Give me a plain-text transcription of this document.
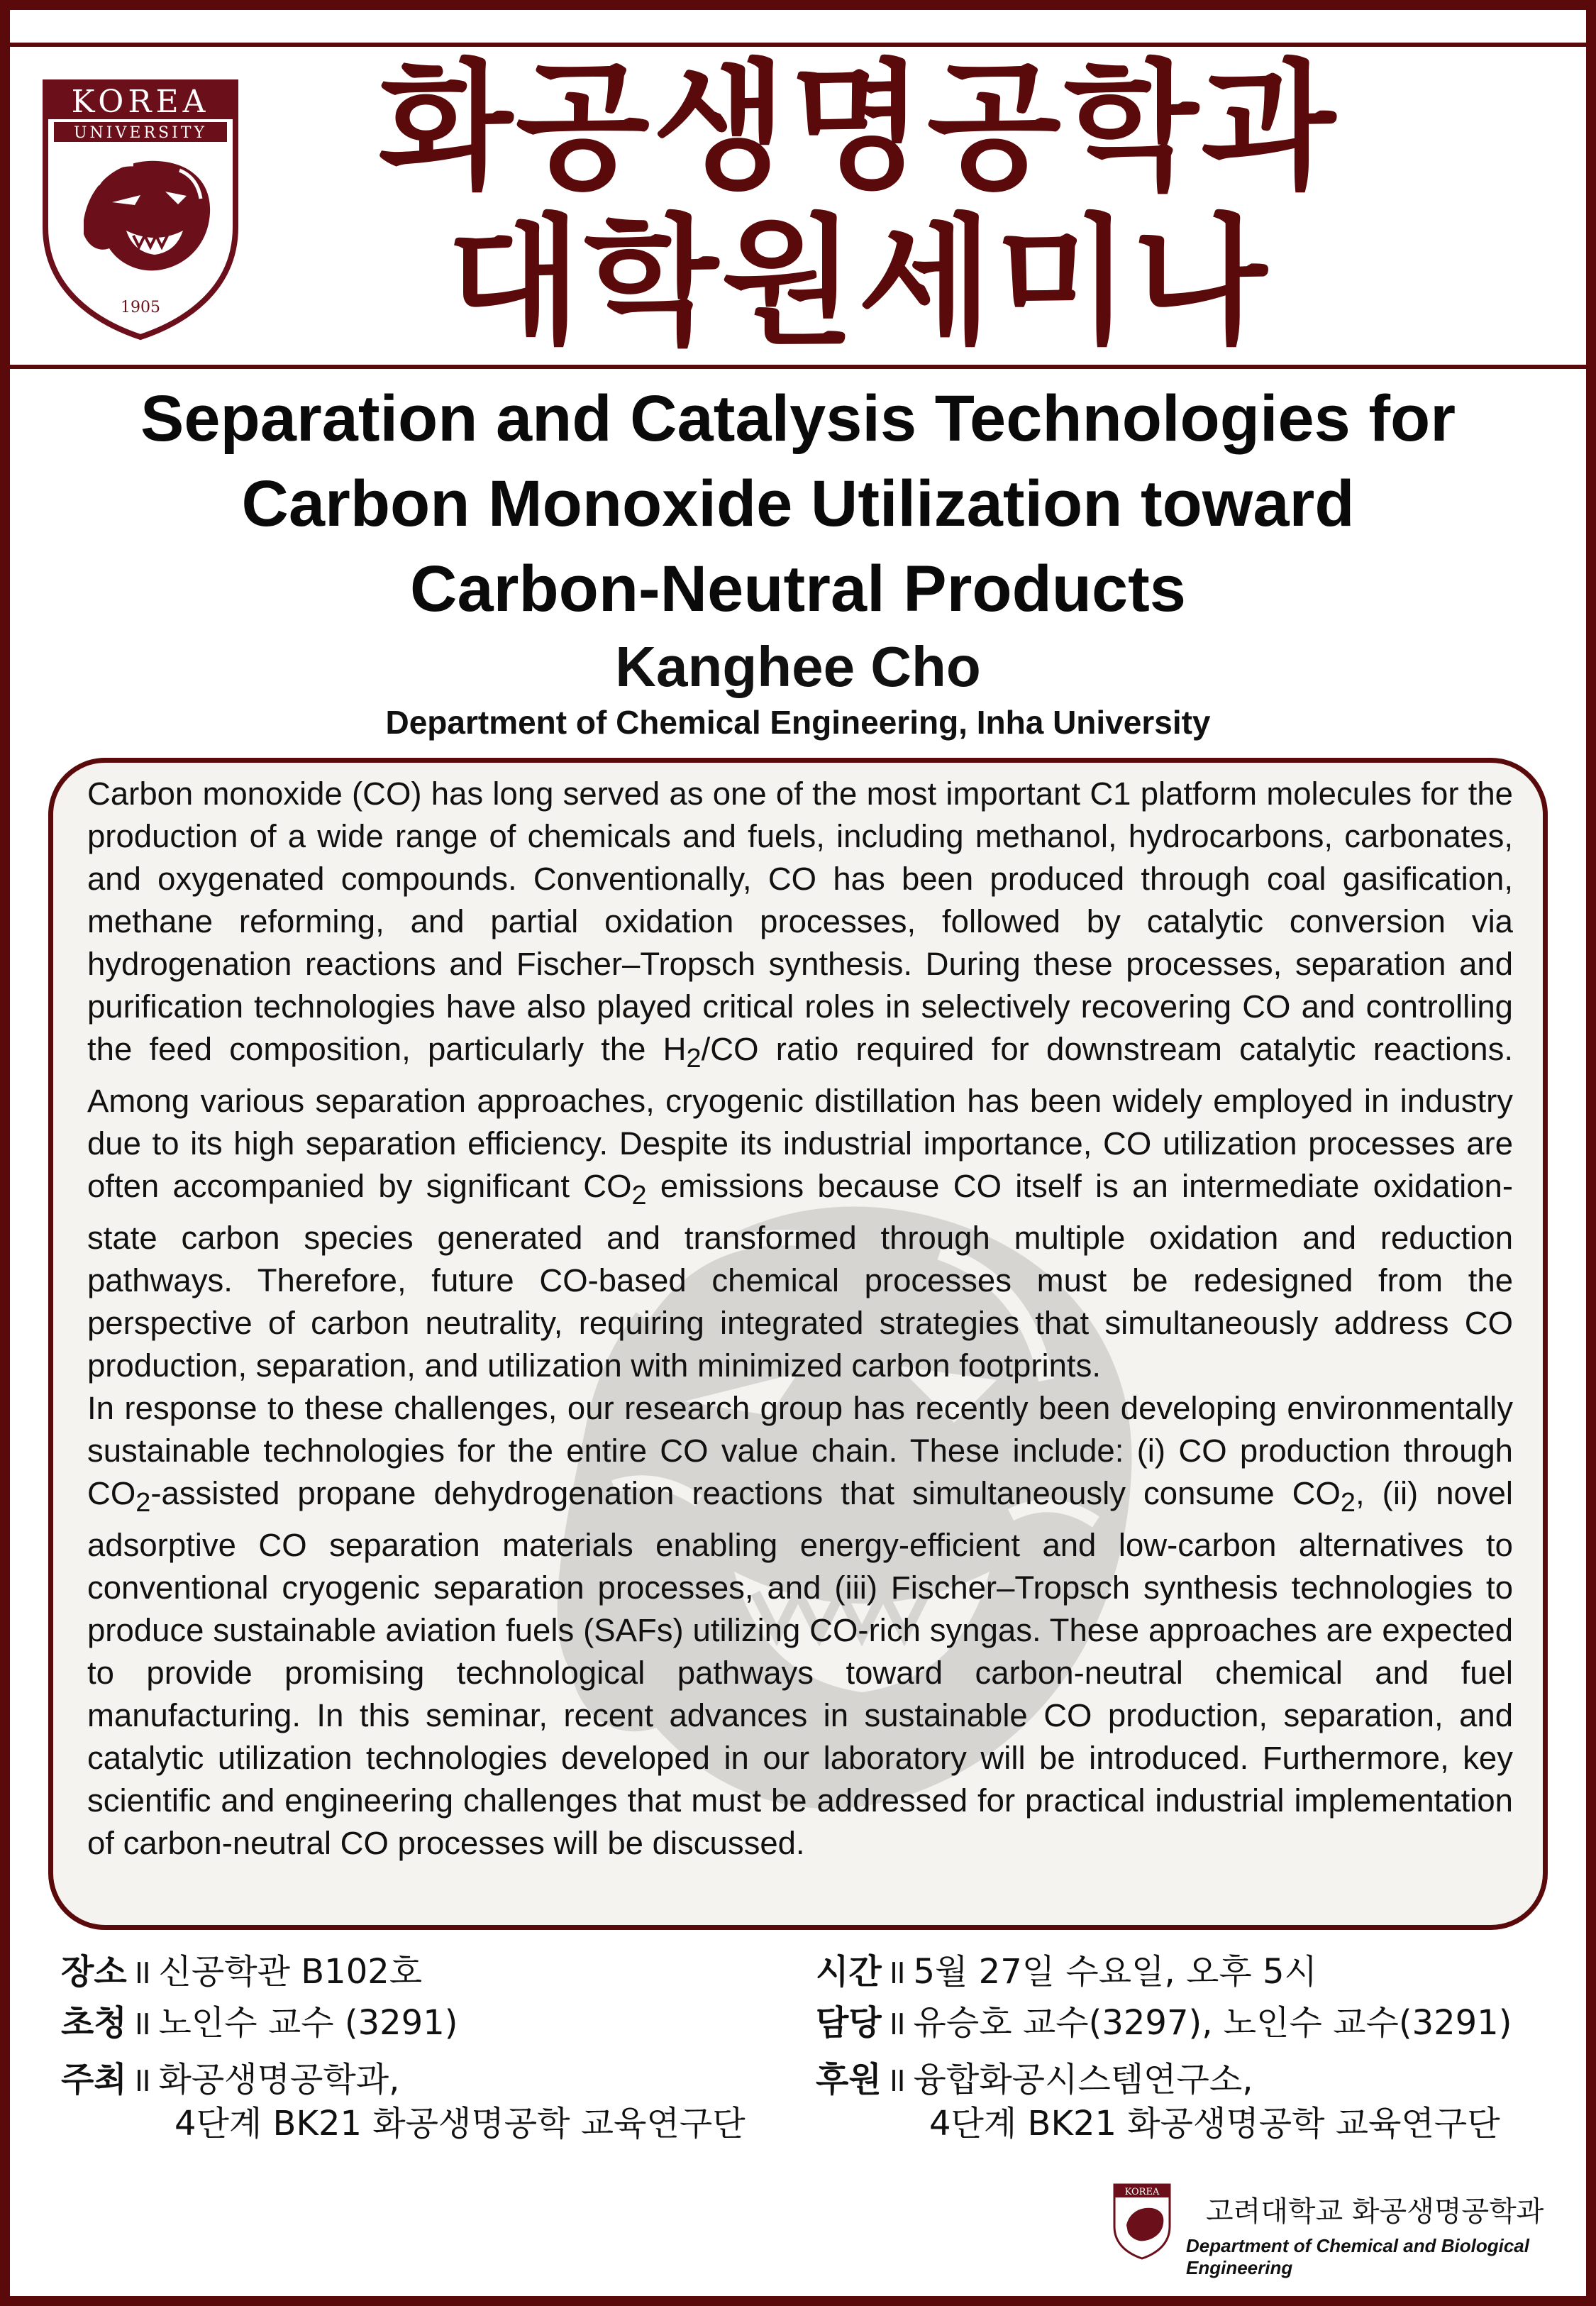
KOREA
UNIVERSITY
1905
화공생명공학과
대학원세미나
Separation and Catalysis Technologies for
Carbon Monoxide Utilization toward
Carbon-Neutral Products
Kanghee Cho
Department of Chemical Engineering, Inha University

Carbon monoxide (CO) has long served as one of the most important C1 platform molecules for the production of a wide range of chemicals and fuels, including methanol, hydrocarbons, carbonates, and oxygenated compounds. Conventionally, CO has been produced through coal gasification, methane reforming, and partial oxidation processes, followed by catalytic conversion via hydrogenation reactions and Fischer–Tropsch synthesis. During these processes, separation and purification technologies have also played critical roles in selectively recovering CO and controlling the feed composition, particularly the $H_2/CO$ ratio required for downstream catalytic reactions. Among various separation approaches, cryogenic distillation has been widely employed in industry due to its high separation efficiency. Despite its industrial importance, CO utilization processes are often accompanied by significant $CO_2$ emissions because CO itself is an intermediate oxidation-state carbon species generated and transformed through multiple oxidation and reduction pathways. Therefore, future CO-based chemical processes must be redesigned from the perspective of carbon neutrality, requiring integrated strategies that simultaneously address CO production, separation, and utilization with minimized carbon footprints.

In response to these challenges, our research group has recently been developing environmentally sustainable technologies for the entire CO value chain. These include: (i) CO production through $CO_2$-assisted propane dehydrogenation reactions that simultaneously consume $CO_2$, (ii) novel adsorptive CO separation materials enabling energy-efficient and low-carbon alternatives to conventional cryogenic separation processes, and (iii) Fischer–Tropsch synthesis technologies to produce sustainable aviation fuels (SAFs) utilizing CO-rich syngas. These approaches are expected to provide promising technological pathways toward carbon-neutral chemical and fuel manufacturing. In this seminar, recent advances in sustainable CO production, separation, and catalytic utilization technologies developed in our laboratory will be introduced. Furthermore, key scientific and engineering challenges that must be addressed for practical industrial implementation of carbon-neutral CO processes will be discussed.

장소 ॥ 신공학관 B102호	시간 ॥ 5월 27일 수요일, 오후 5시
초청 ॥ 노인수 교수 (3291)	담당 ॥ 유승호 교수(3297), 노인수 교수(3291)
주최 ॥ 화공생명공학과,
4단계 BK21 화공생명공학 교육연구단
후원 ॥ 융합화공시스템연구소,
4단계 BK21 화공생명공학 교육연구단
KOREA
고려대학교 화공생명공학과
Department of Chemical and Biological Engineering
